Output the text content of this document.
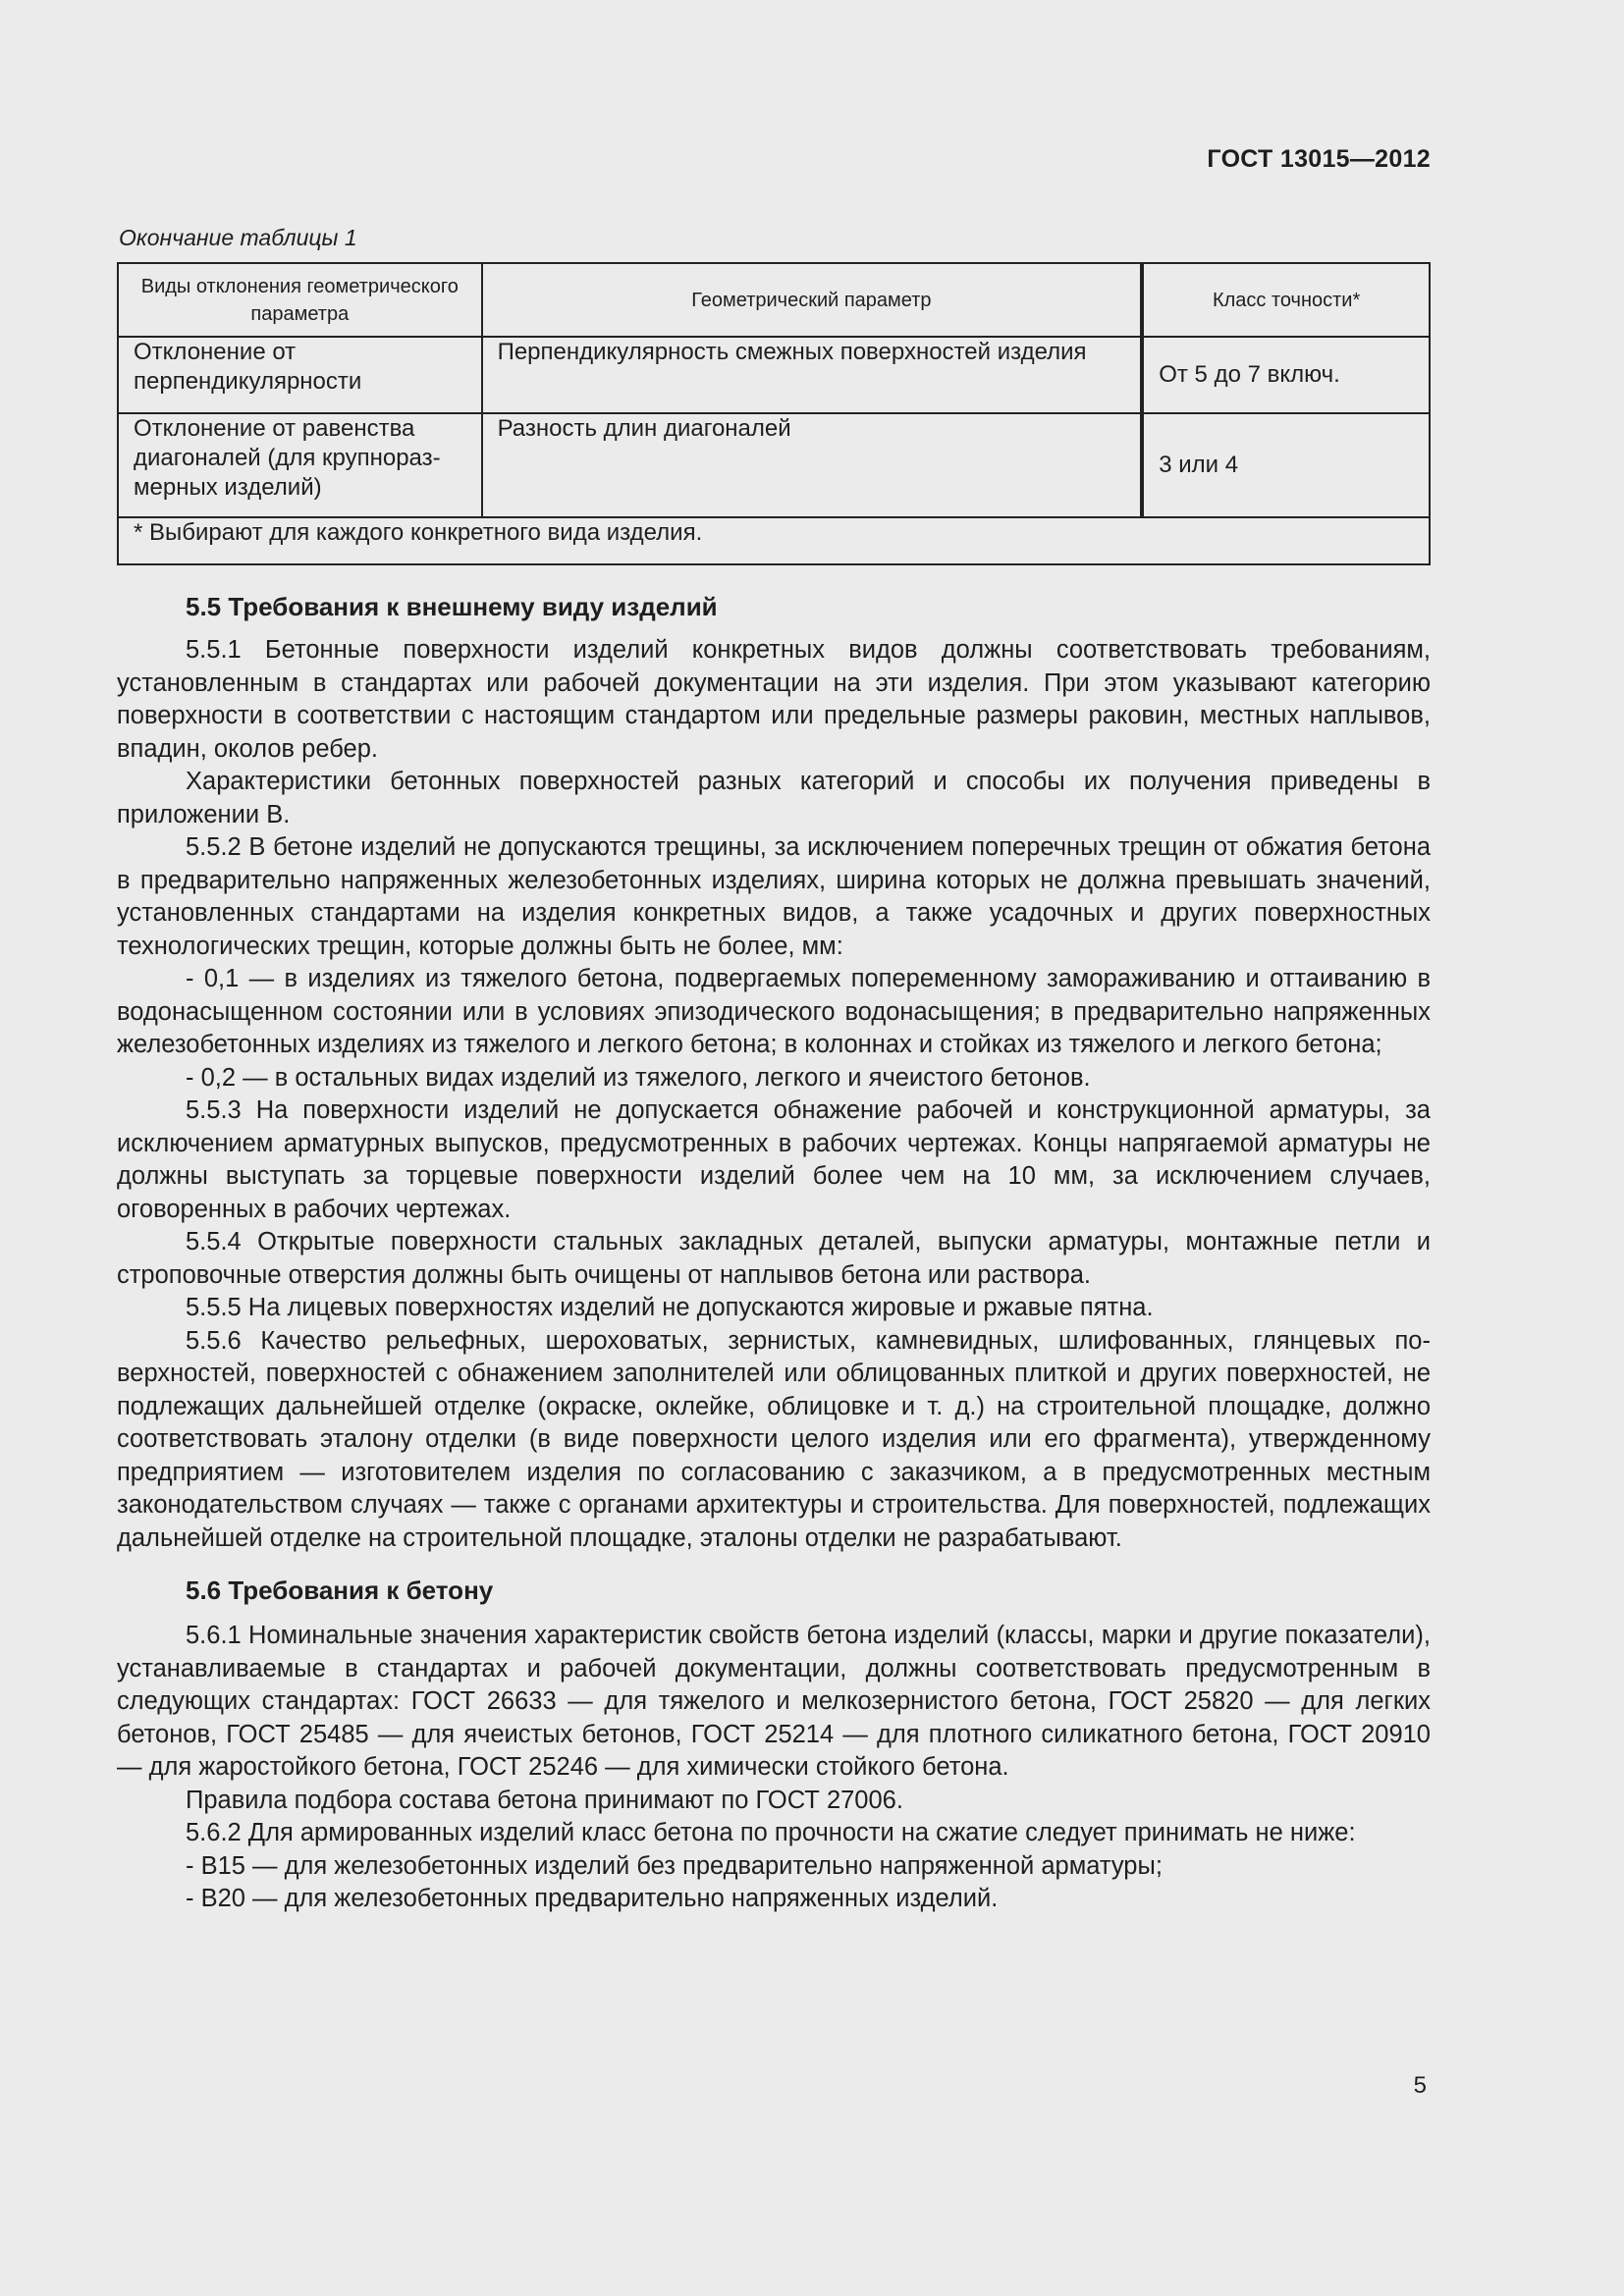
ГОСТ 13015—2012
Окончание таблицы 1
Виды отклонения геометрического параметра	Геометрический параметр	Класс точности*
Отклонение от перпендикулярности	Перпендикулярность смежных поверхностей изделия	От 5 до 7 включ.
Отклонение от равенства диагоналей (для крупноразмерных изделий)	Разность длин диагоналей	3 или 4
* Выбирают для каждого конкретного вида изделия.		
5.5 Требования к внешнему виду изделий

5.5.1 Бетонные поверхности изделий конкретных видов должны соответствовать требованиям, установленным в стандартах или рабочей документации на эти изделия. При этом указывают категорию поверхности в соответствии с настоящим стандартом или предельные размеры раковин, местных наплывов, впадин, околов ребер.

Характеристики бетонных поверхностей разных категорий и способы их получения приведены в приложении В.

5.5.2 В бетоне изделий не допускаются трещины, за исключением поперечных трещин от обжатия бетона в предварительно напряженных железобетонных изделиях, ширина которых не должна превышать значений, установленных стандартами на изделия конкретных видов, а также усадочных и других поверхностных технологических трещин, которые должны быть не более, мм:

- 0,1 — в изделиях из тяжелого бетона, подвергаемых попеременному замораживанию и оттаиванию в водонасыщенном состоянии или в условиях эпизодического водонасыщения; в предварительно напряженных железобетонных изделиях из тяжелого и легкого бетона; в колоннах и стойках из тяжелого и легкого бетона;

- 0,2 — в остальных видах изделий из тяжелого, легкого и ячеистого бетонов.

5.5.3 На поверхности изделий не допускается обнажение рабочей и конструкционной арматуры, за исключением арматурных выпусков, предусмотренных в рабочих чертежах. Концы напрягаемой арматуры не должны выступать за торцевые поверхности изделий более чем на 10 мм, за исключением случаев, оговоренных в рабочих чертежах.

5.5.4 Открытые поверхности стальных закладных деталей, выпуски арматуры, монтажные петли и строповочные отверстия должны быть очищены от наплывов бетона или раствора.

5.5.5 На лицевых поверхностях изделий не допускаются жировые и ржавые пятна.

5.5.6 Качество рельефных, шероховатых, зернистых, камневидных, шлифованных, глянцевых поверхностей, поверхностей с обнажением заполнителей или облицованных плиткой и других поверхностей, не подлежащих дальнейшей отделке (окраске, оклейке, облицовке и т. д.) на строительной площадке, должно соответствовать эталону отделки (в виде поверхности целого изделия или его фрагмента), утвержденному предприятием — изготовителем изделия по согласованию с заказчиком, а в предусмотренных местным законодательством случаях — также с органами архитектуры и строительства. Для поверхностей, подлежащих дальнейшей отделке на строительной площадке, эталоны отделки не разрабатывают.

5.6 Требования к бетону

5.6.1 Номинальные значения характеристик свойств бетона изделий (классы, марки и другие показатели), устанавливаемые в стандартах и рабочей документации, должны соответствовать предусмотренным в следующих стандартах: ГОСТ 26633 — для тяжелого и мелкозернистого бетона, ГОСТ 25820 — для легких бетонов, ГОСТ 25485 — для ячеистых бетонов, ГОСТ 25214 — для плотного силикатного бетона, ГОСТ 20910 — для жаростойкого бетона, ГОСТ 25246 — для химически стойкого бетона.

Правила подбора состава бетона принимают по ГОСТ 27006.

5.6.2 Для армированных изделий класс бетона по прочности на сжатие следует принимать не ниже:

- В15 — для железобетонных изделий без предварительно напряженной арматуры;

- В20 — для железобетонных предварительно напряженных изделий.

5
